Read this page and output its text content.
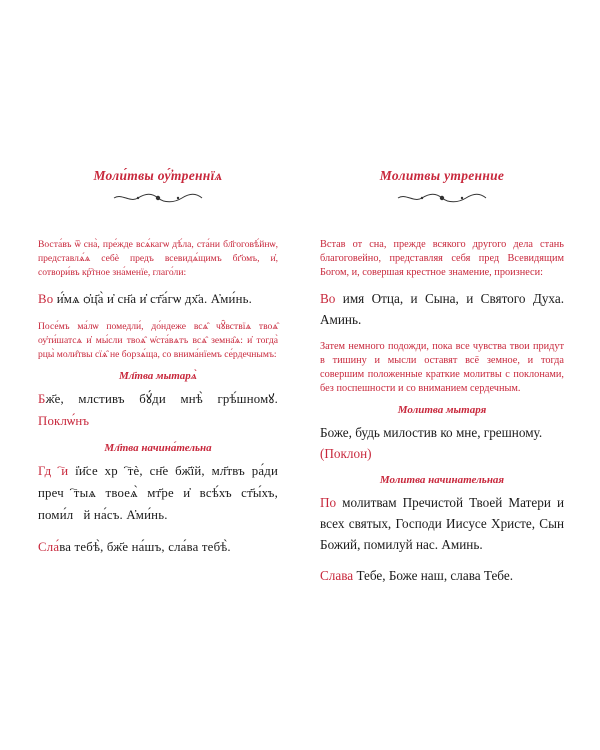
Моли́твы оу҆́треннїѧ

Воста́въ ѿ сна̀, пре́жде всѧ́кагѡ дѣ́ла, ста́ни бл҃гоговѣ́йнѡ, представлѧ́ѧ себѐ предъ всевидѧ́щимъ бг҃омъ, и҆, сотвори́въ кр҇тное зна́менїе, глаго́ли:

Во и҆́мѧ ѻ҆ц҃а̀ и҆ сн҃а и҆ ст҃а́гѡ дх҃а. А҆ми́нь.

Посе́мъ ма́лѡ помедли́, до́ндеже всѧ̑ чꙋ̑вствїѧ твоѧ̑ оу҆ти́шатсѧ и҆ мы́сли твоѧ̑ ѡ҆ста́вѧтъ всѧ̑ земна̑ѧ: и҆ тогда̀ рцы̀ моли̑твы сїѧ̑ не борзѧ́ща, со внима́нїемъ се́рдечнымъ:

Мл҃тва мытарѧ̀

Бж҃е, млcтивъ бꙋ́ди мнѣ̀ грѣ́шномꙋ. Поклѡ́нъ

Мл҃тва начина́тельна

Гдⷭ҇и і҆и҃се хрⷭ҇тѐ, сн҃е бж҃їй, мл҃твъ ра́ди пречⷭ҇тыѧ твоеѧ̀ мт҃ре и҆ всѣ́хъ ст҃ы́хъ, поми́лꙋй на́съ. А҆ми́нь.

Сла́ва тебѣ̀, бж҃е на́шъ, сла́ва тебѣ̀.

Молитвы утренние

Встав от сна, прежде всякого другого дела стань благоговейно, представляя себя пред Всевидящим Богом, и, совершая крестное знамение, произнеси:

Во имя Отца, и Сына, и Святого Духа. Аминь.

Затем немного подожди, пока все чувства твои придут в тишину и мысли оставят всё земное, и тогда совершим положенные краткие молитвы с поклонами, без поспешности и со вниманием сердечным.

Молитва мытаря

Боже, будь милостив ко мне, грешному.
(Поклон)

Молитва начинательная

По молитвам Пречистой Твоей Матери и всех святых, Господи Иисусе Христе, Сын Божий, помилуй нас. Аминь.

Слава Тебе, Боже наш, слава Тебе.
